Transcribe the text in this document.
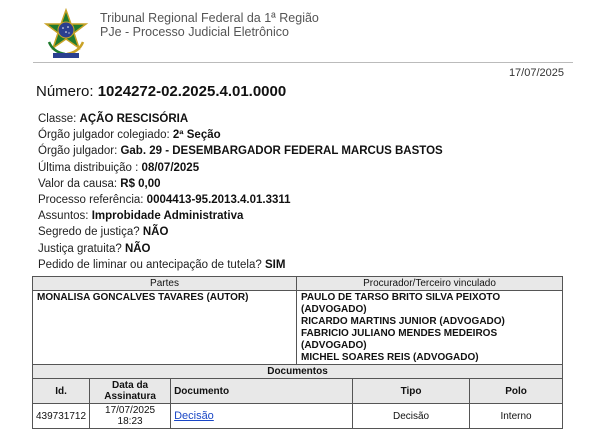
Tribunal Regional Federal da 1ª Região
PJe - Processo Judicial Eletrônico
17/07/2025
Número: 1024272-02.2025.4.01.0000
Classe: AÇÃO RESCISÓRIA
Órgão julgador colegiado: 2ª Seção
Órgão julgador: Gab. 29 - DESEMBARGADOR FEDERAL MARCUS BASTOS
Última distribuição : 08/07/2025
Valor da causa: R$ 0,00
Processo referência: 0004413-95.2013.4.01.3311
Assuntos: Improbidade Administrativa
Segredo de justiça? NÃO
Justiça gratuita? NÃO
Pedido de liminar ou antecipação de tutela? SIM
Partes	Procurador/Terceiro vinculado
MONALISA GONCALVES TAVARES (AUTOR)	PAULO DE TARSO BRITO SILVA PEIXOTO (ADVOGADO)
RICARDO MARTINS JUNIOR (ADVOGADO)
FABRICIO JULIANO MENDES MEDEIROS (ADVOGADO)
MICHEL SOARES REIS (ADVOGADO)

Documentos				
Id.	Data da Assinatura	Documento	Tipo	Polo
439731712	17/07/2025 18:23	Decisão	Decisão	Interno
